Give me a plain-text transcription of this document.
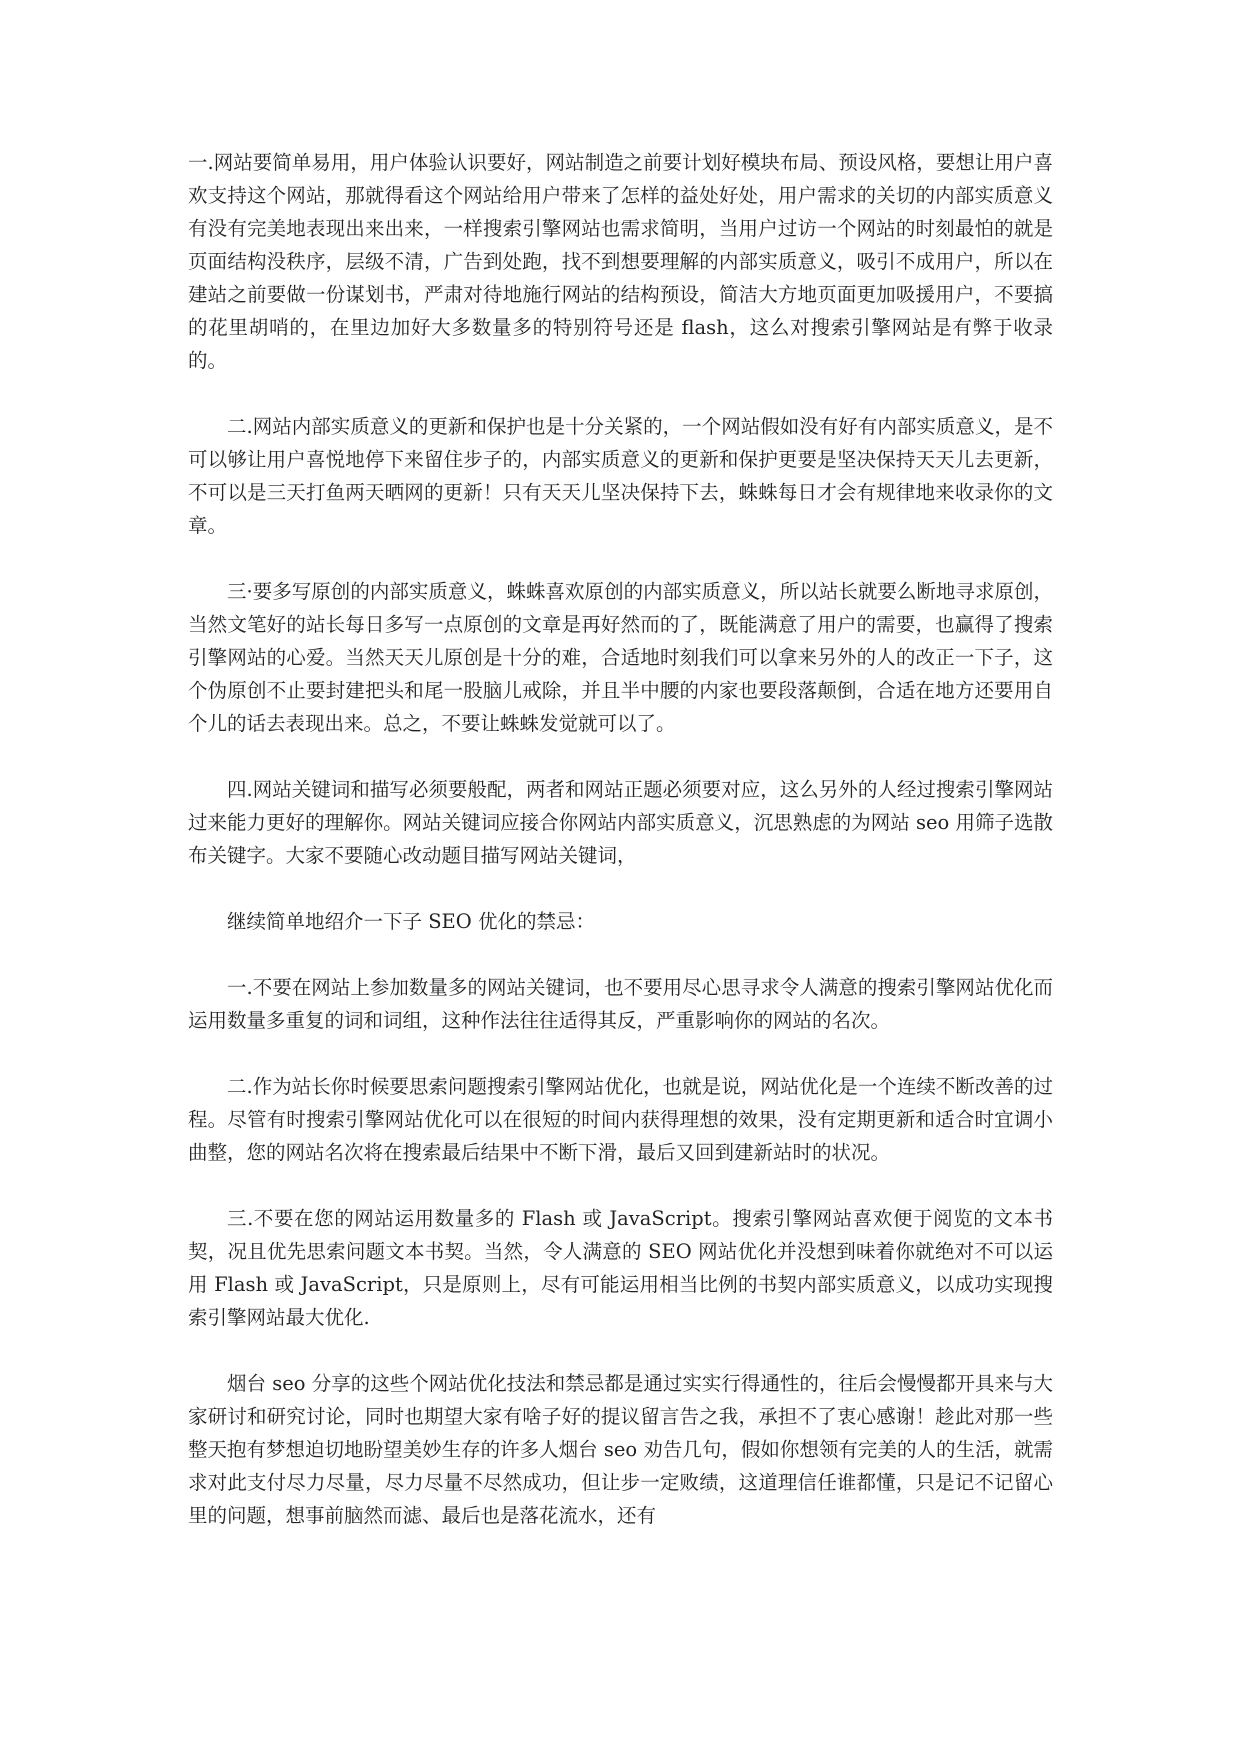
一.网站要简单易用，用户体验认识要好，网站制造之前要计划好模块布局、预设风格，要想让用户喜欢支持这个网站，那就得看这个网站给用户带来了怎样的益处好处，用户需求的关切的内部实质意义有没有完美地表现出来出来，一样搜索引擎网站也需求简明，当用户过访一个网站的时刻最怕的就是页面结构没秩序，层级不清，广告到处跑，找不到想要理解的内部实质意义，吸引不成用户，所以在建站之前要做一份谋划书，严肃对待地施行网站的结构预设，简洁大方地页面更加吸援用户，不要搞的花里胡哨的，在里边加好大多数量多的特别符号还是 flash，这么对搜索引擎网站是有弊于收录的。

二.网站内部实质意义的更新和保护也是十分关紧的，一个网站假如没有好有内部实质意义，是不可以够让用户喜悦地停下来留住步子的，内部实质意义的更新和保护更要是坚决保持天天儿去更新，不可以是三天打鱼两天晒网的更新！只有天天儿坚决保持下去，蛛蛛每日才会有规律地来收录你的文章。

三·要多写原创的内部实质意义，蛛蛛喜欢原创的内部实质意义，所以站长就要么断地寻求原创，当然文笔好的站长每日多写一点原创的文章是再好然而的了，既能满意了用户的需要，也赢得了搜索引擎网站的心爱。当然天天儿原创是十分的难，合适地时刻我们可以拿来另外的人的改正一下子，这个伪原创不止要封建把头和尾一股脑儿戒除，并且半中腰的内家也要段落颠倒，合适在地方还要用自个儿的话去表现出来。总之，不要让蛛蛛发觉就可以了。

四.网站关键词和描写必须要般配，两者和网站正题必须要对应，这么另外的人经过搜索引擎网站过来能力更好的理解你。网站关键词应接合你网站内部实质意义，沉思熟虑的为网站 seo 用筛子选散布关键字。大家不要随心改动题目描写网站关键词，

继续简单地绍介一下子 SEO 优化的禁忌：

一.不要在网站上参加数量多的网站关键词，也不要用尽心思寻求令人满意的搜索引擎网站优化而运用数量多重复的词和词组，这种作法往往适得其反，严重影响你的网站的名次。

二.作为站长你时候要思索问题搜索引擎网站优化，也就是说，网站优化是一个连续不断改善的过程。尽管有时搜索引擎网站优化可以在很短的时间内获得理想的效果，没有定期更新和适合时宜调小曲整，您的网站名次将在搜索最后结果中不断下滑，最后又回到建新站时的状况。

三.不要在您的网站运用数量多的 Flash 或 JavaScript。搜索引擎网站喜欢便于阅览的文本书契，况且优先思索问题文本书契。当然，令人满意的 SEO 网站优化并没想到味着你就绝对不可以运用 Flash 或 JavaScript，只是原则上，尽有可能运用相当比例的书契内部实质意义，以成功实现搜索引擎网站最大优化.

烟台 seo 分享的这些个网站优化技法和禁忌都是通过实实行得通性的，往后会慢慢都开具来与大家研讨和研究讨论，同时也期望大家有啥子好的提议留言告之我，承担不了衷心感谢！趁此对那一些整天抱有梦想迫切地盼望美妙生存的许多人烟台 seo 劝告几句，假如你想领有完美的人的生活，就需求对此支付尽力尽量，尽力尽量不尽然成功，但让步一定败绩，这道理信任谁都懂，只是记不记留心里的问题，想事前脑然而滤、最后也是落花流水，还有
